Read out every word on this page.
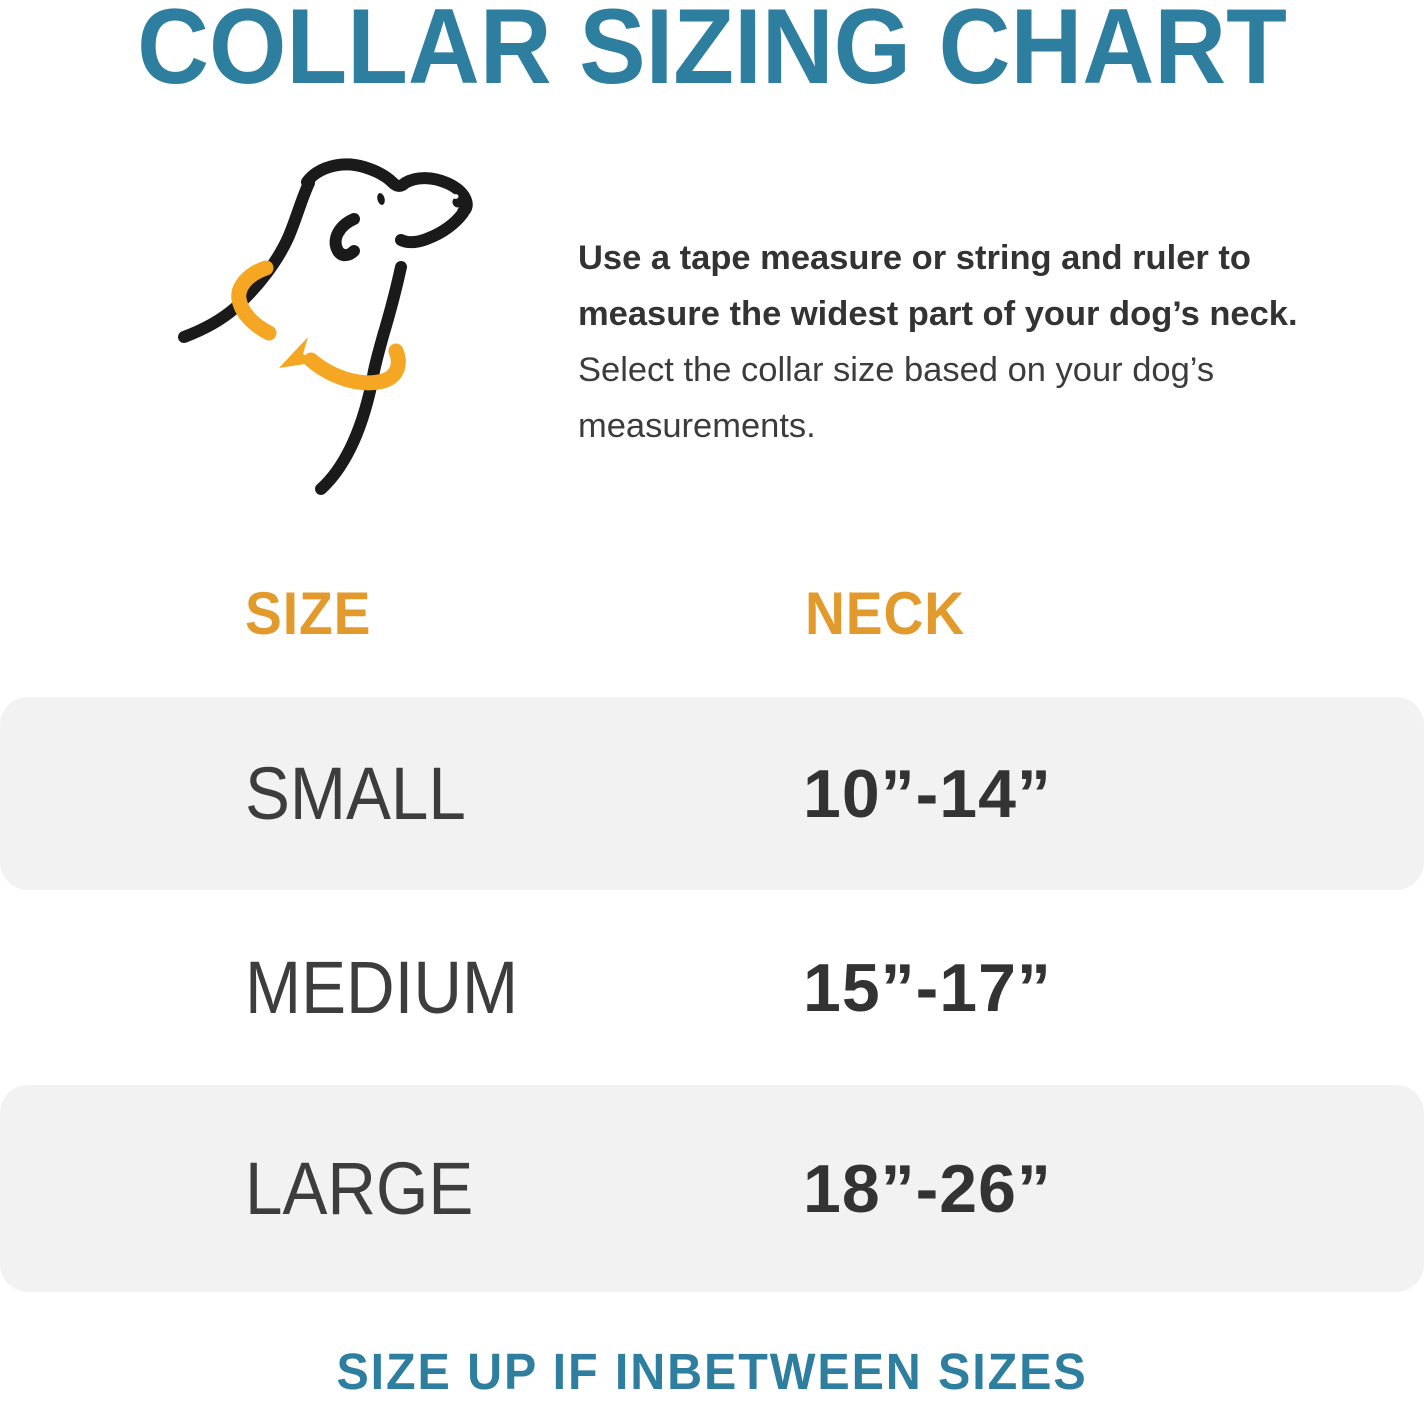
COLLAR SIZING CHART

Use a tape measure or string and ruler to measure the widest part of your dog’s neck. Select the collar size based on your dog’s measurements.

SIZE	NECK
SMALL	10”-14”
MEDIUM	15”-17”
LARGE	18”-26”
SIZE UP IF INBETWEEN SIZES
